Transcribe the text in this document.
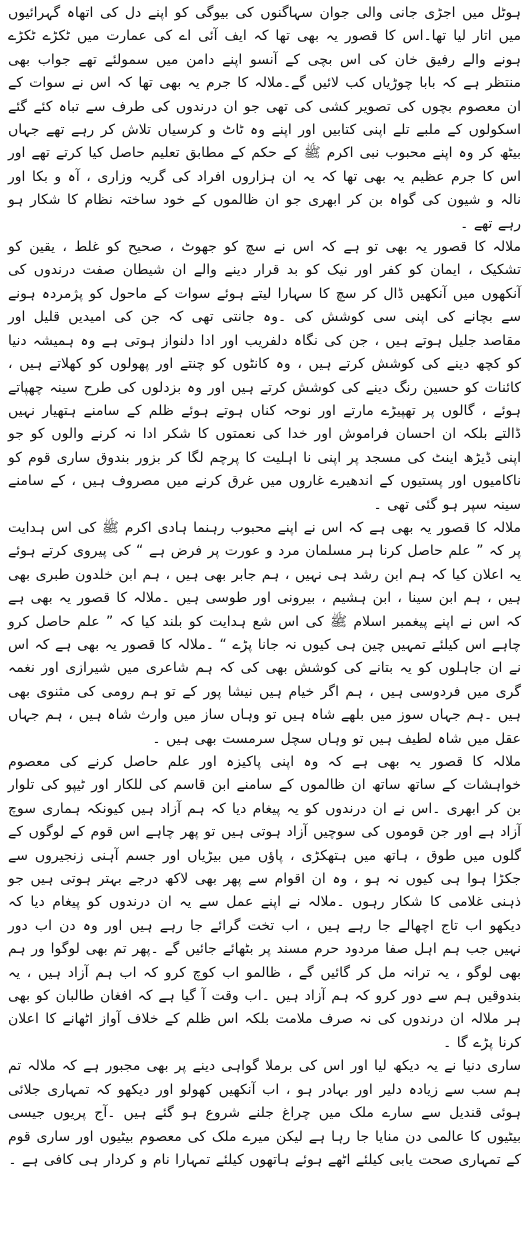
ہوٹل میں اجڑی جانی والی جوان سہاگنوں کی بیوگی کو اپنے دل کی اتھاہ گہرائیوں میں اتار لیا تھا۔اس کا قصور یہ بھی تھا کہ ایف آئی اے کی عمارت میں ٹکڑے ٹکڑے ہونے والے رفیق خان کی اس بچی کے آنسو اپنے دامن میں سمولئے تھے جواب بھی منتظر ہے کہ بابا چوڑیاں کب لائیں گے۔ملالہ کا جرم یہ بھی تھا کہ اس نے سوات کے ان معصوم بچوں کی تصویر کشی کی تھی جو ان درندوں کی طرف سے تباہ کئے گئے اسکولوں کے ملبے تلے اپنی کتابیں اور اپنے وہ ٹاٹ و کرسیاں تلاش کر رہے تھے جہاں بیٹھ کر وہ اپنے محبوب نبی اکرم ﷺ کے حکم کے مطابق تعلیم حاصل کیا کرتے تھے اور اس کا جرم عظیم یہ بھی تھا کہ یہ ان ہزاروں افراد کی گریہ وزاری ، آہ و بکا اور نالہ و شیون کی گواہ بن کر ابھری جو ان ظالموں کے خود ساختہ نظام کا شکار ہو رہے تھے ۔

ملالہ کا قصور یہ بھی تو ہے کہ اس نے سچ کو جھوٹ ، صحیح کو غلط ، یقین کو تشکیک ، ایمان کو کفر اور نیک کو بد قرار دینے والے ان شیطان صفت درندوں کی آنکھوں میں آنکھیں ڈال کر سچ کا سہارا لیتے ہوئے سوات کے ماحول کو پژمردہ ہونے سے بچانے کی اپنی سی کوشش کی ۔وہ جانتی تھی کہ جن کی امیدیں قلیل اور مقاصد جلیل ہوتے ہیں ، جن کی نگاہ دلفریب اور ادا دلنواز ہوتی ہے وہ ہمیشہ دنیا کو کچھ دینے کی کوشش کرتے ہیں ، وہ کانٹوں کو چنتے اور پھولوں کو کھلاتے ہیں ، کائنات کو حسین رنگ دینے کی کوشش کرتے ہیں اور وہ بزدلوں کی طرح سینہ چھپاتے ہوئے ، گالوں پر تھپیڑے مارتے اور نوحہ کناں ہوتے ہوئے ظلم کے سامنے ہتھیار نہیں ڈالتے بلکہ ان احسان فراموش اور خدا کی نعمتوں کا شکر ادا نہ کرنے والوں کو جو اپنی ڈیڑھ اینٹ کی مسجد پر اپنی نا اہلیت کا پرچم لگا کر بزور بندوق ساری قوم کو ناکامیوں اور پستیوں کے اندھیرے غاروں میں غرق کرنے میں مصروف ہیں ، کے سامنے سینہ سپر ہو گئی تھی ۔

ملالہ کا قصور یہ بھی ہے کہ اس نے اپنے محبوب رہنما ہادی اکرم ﷺ کی اس ہدایت پر کہ ” علم حاصل کرنا ہر مسلمان مرد و عورت پر فرض ہے “ کی پیروی کرتے ہوئے یہ اعلان کیا کہ ہم ابن رشد ہی نہیں ، ہم جابر بھی ہیں ، ہم ابن خلدون طبری بھی ہیں ، ہم ابن سینا ، ابن ہشیم ، بیرونی اور طوسی ہیں ۔ملالہ کا قصور یہ بھی ہے کہ اس نے اپنے پیغمبر اسلام ﷺ کی اس شع ہدایت کو بلند کیا کہ ” علم حاصل کرو چاہے اس کیلئے تمہیں چین ہی کیوں نہ جانا پڑے “ ۔ملالہ کا قصور یہ بھی ہے کہ اس نے ان جاہلوں کو یہ بتانے کی کوشش بھی کی کہ ہم شاعری میں شیرازی اور نغمہ گری میں فردوسی ہیں ، ہم اگر خیام ہیں نیشا پور کے تو ہم رومی کی مثنوی بھی ہیں ۔ہم جہاں سوز میں بلھے شاہ ہیں تو وہاں ساز میں وارث شاہ ہیں ، ہم جہاں عقل میں شاہ لطیف ہیں تو وہاں سچل سرمست بھی ہیں ۔

ملالہ کا قصور یہ بھی ہے کہ وہ اپنی پاکیزہ اور علم حاصل کرنے کی معصوم خواہشات کے ساتھ ساتھ ان ظالموں کے سامنے ابن قاسم کی للکار اور ٹیپو کی تلوار بن کر ابھری ۔اس نے ان درندوں کو یہ پیغام دیا کہ ہم آزاد ہیں کیونکہ ہماری سوچ آزاد ہے اور جن قوموں کی سوچیں آزاد ہوتی ہیں تو پھر چاہے اس قوم کے لوگوں کے گلوں میں طوق ، ہاتھ میں ہتھکڑی ، پاؤں میں بیڑیاں اور جسم آہنی زنجیروں سے جکڑا ہوا ہی کیوں نہ ہو ، وہ ان اقوام سے پھر بھی لاکھ درجے بہتر ہوتی ہیں جو ذہنی غلامی کا شکار رہوں ۔ملالہ نے اپنے عمل سے یہ ان درندوں کو پیغام دیا کہ دیکھو اب تاج اچھالے جا رہے ہیں ، اب تخت گرائے جا رہے ہیں اور وہ دن اب دور نہیں جب ہم اہل صفا مردود حرم مسند پر بٹھائے جائیں گے ۔پھر تم بھی لوگوا ور ہم بھی لوگو ، یہ ترانہ مل کر گائیں گے ، ظالمو اب کوچ کرو کہ اب ہم آزاد ہیں ، یہ بندوقیں ہم سے دور کرو کہ ہم آزاد ہیں ۔اب وقت آ گیا ہے کہ افغان طالبان کو بھی ہر ملالہ ان درندوں کی نہ صرف ملامت بلکہ اس ظلم کے خلاف آواز اٹھانے کا اعلان کرنا پڑے گا ۔

ساری دنیا نے یہ دیکھ لیا اور اس کی برملا گواہی دینے پر بھی مجبور ہے کہ ملالہ تم ہم سب سے زیادہ دلیر اور بہادر ہو ، اب آنکھیں کھولو اور دیکھو کہ تمہاری جلائی ہوئی قندیل سے سارے ملک میں چراغ جلنے شروع ہو گئے ہیں ۔آج پریوں جیسی بیٹیوں کا عالمی دن منایا جا رہا ہے لیکن میرے ملک کی معصوم بیٹیوں اور ساری قوم کے تمہاری صحت یابی کیلئے اٹھے ہوئے ہاتھوں کیلئے تمہارا نام و کردار ہی کافی ہے ۔
